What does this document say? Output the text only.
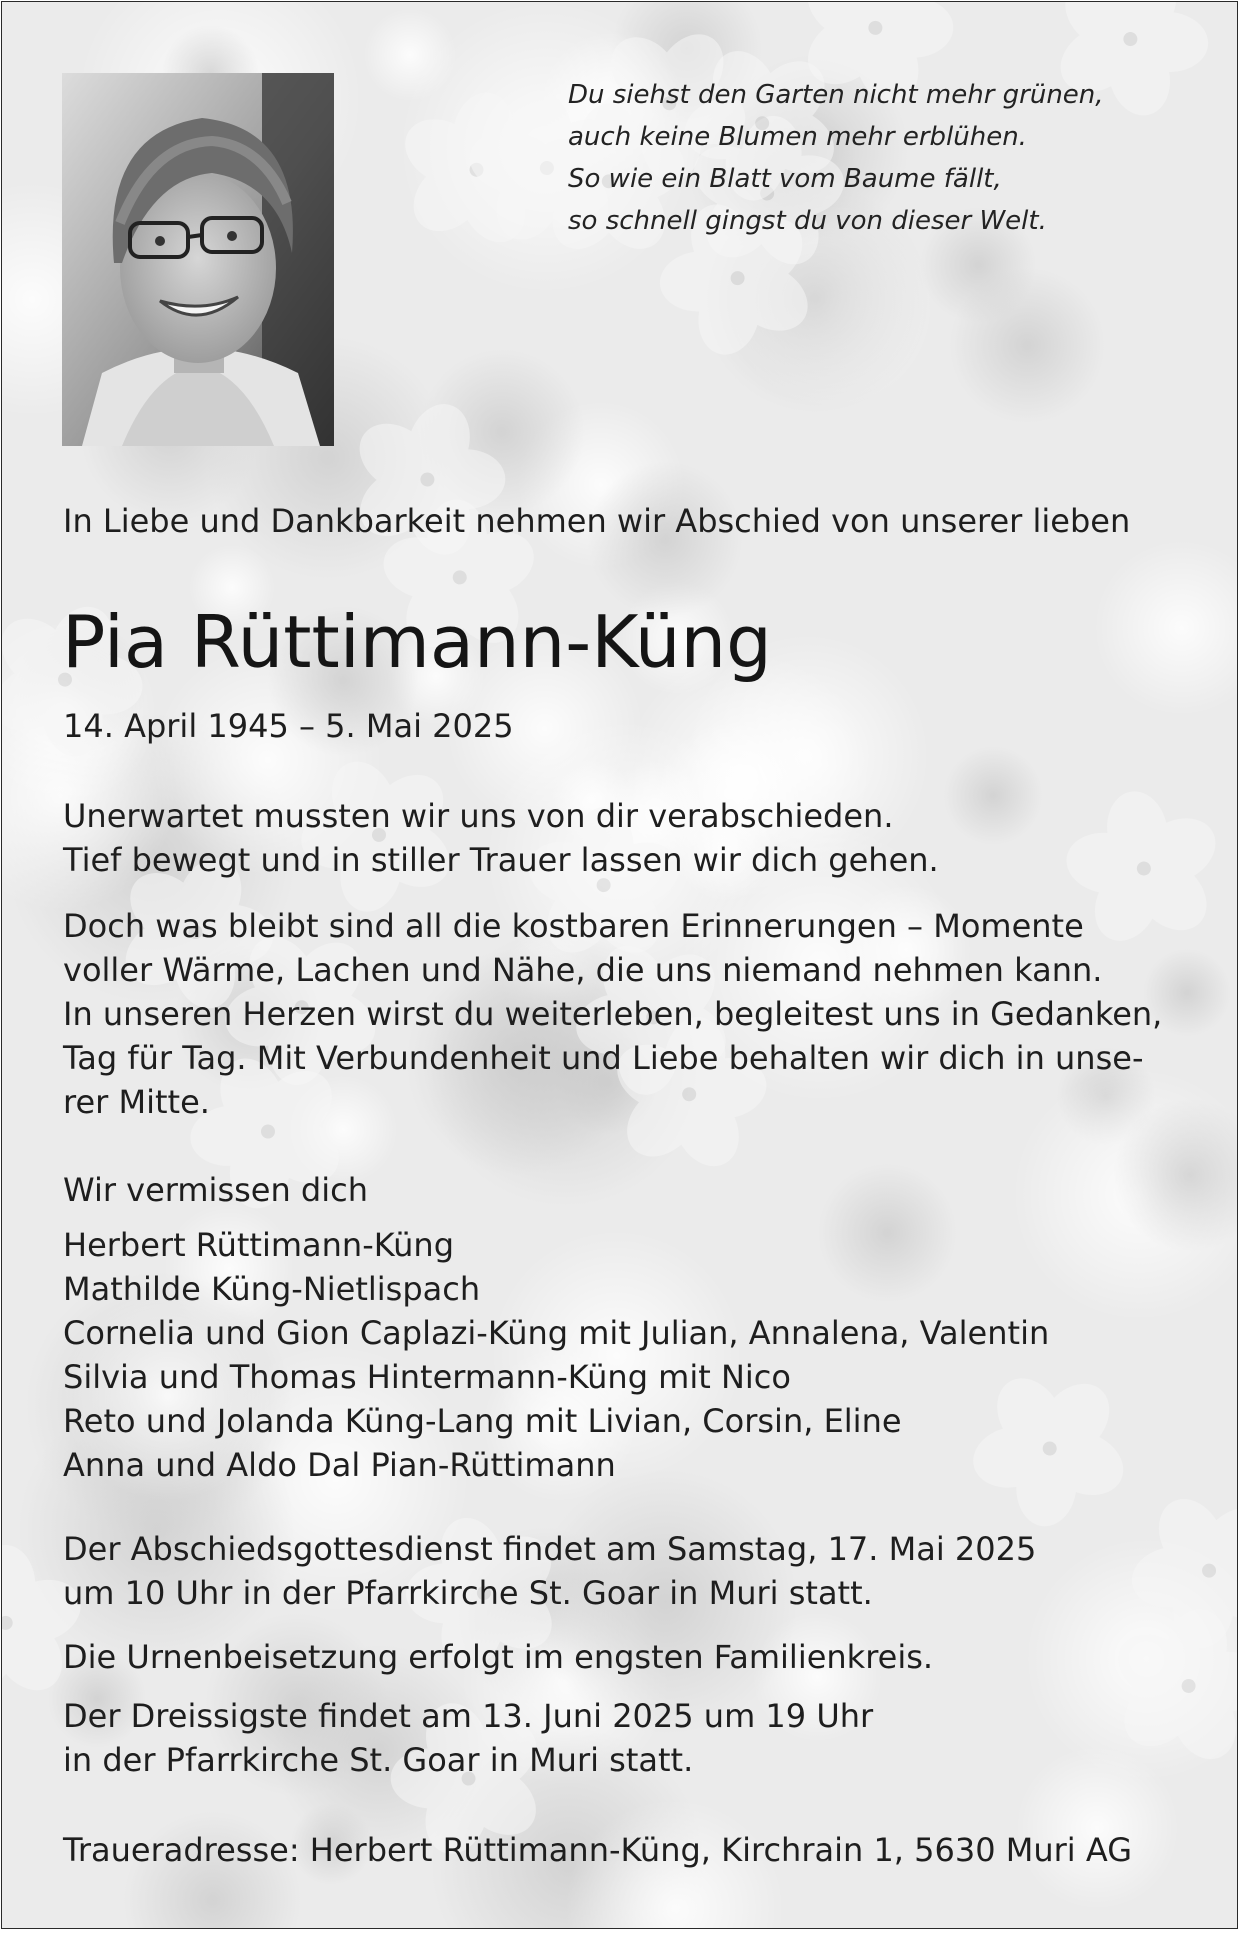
Du siehst den Garten nicht mehr grünen,
auch keine Blumen mehr erblühen.
So wie ein Blatt vom Baume fällt,
so schnell gingst du von dieser Welt.
In Liebe und Dankbarkeit nehmen wir Abschied von unserer lieben
Pia Rüttimann-Küng
14. April 1945 – 5. Mai 2025
Unerwartet mussten wir uns von dir verabschieden.
Tief bewegt und in stiller Trauer lassen wir dich gehen.
Doch was bleibt sind all die kostbaren Erinnerungen – Momente
voller Wärme, Lachen und Nähe, die uns niemand nehmen kann.
In unseren Herzen wirst du weiterleben, begleitest uns in Gedanken,
Tag für Tag. Mit Verbundenheit und Liebe behalten wir dich in unse-
rer Mitte.
Wir vermissen dich
Herbert Rüttimann-Küng
Mathilde Küng-Nietlispach
Cornelia und Gion Caplazi-Küng mit Julian, Annalena, Valentin
Silvia und Thomas Hintermann-Küng mit Nico
Reto und Jolanda Küng-Lang mit Livian, Corsin, Eline
Anna und Aldo Dal Pian-Rüttimann
Der Abschiedsgottesdienst findet am Samstag, 17. Mai 2025
um 10 Uhr in der Pfarrkirche St. Goar in Muri statt.
Die Urnenbeisetzung erfolgt im engsten Familienkreis.
Der Dreissigste findet am 13. Juni 2025 um 19 Uhr
in der Pfarrkirche St. Goar in Muri statt.
Traueradresse: Herbert Rüttimann-Küng, Kirchrain 1, 5630 Muri AG
